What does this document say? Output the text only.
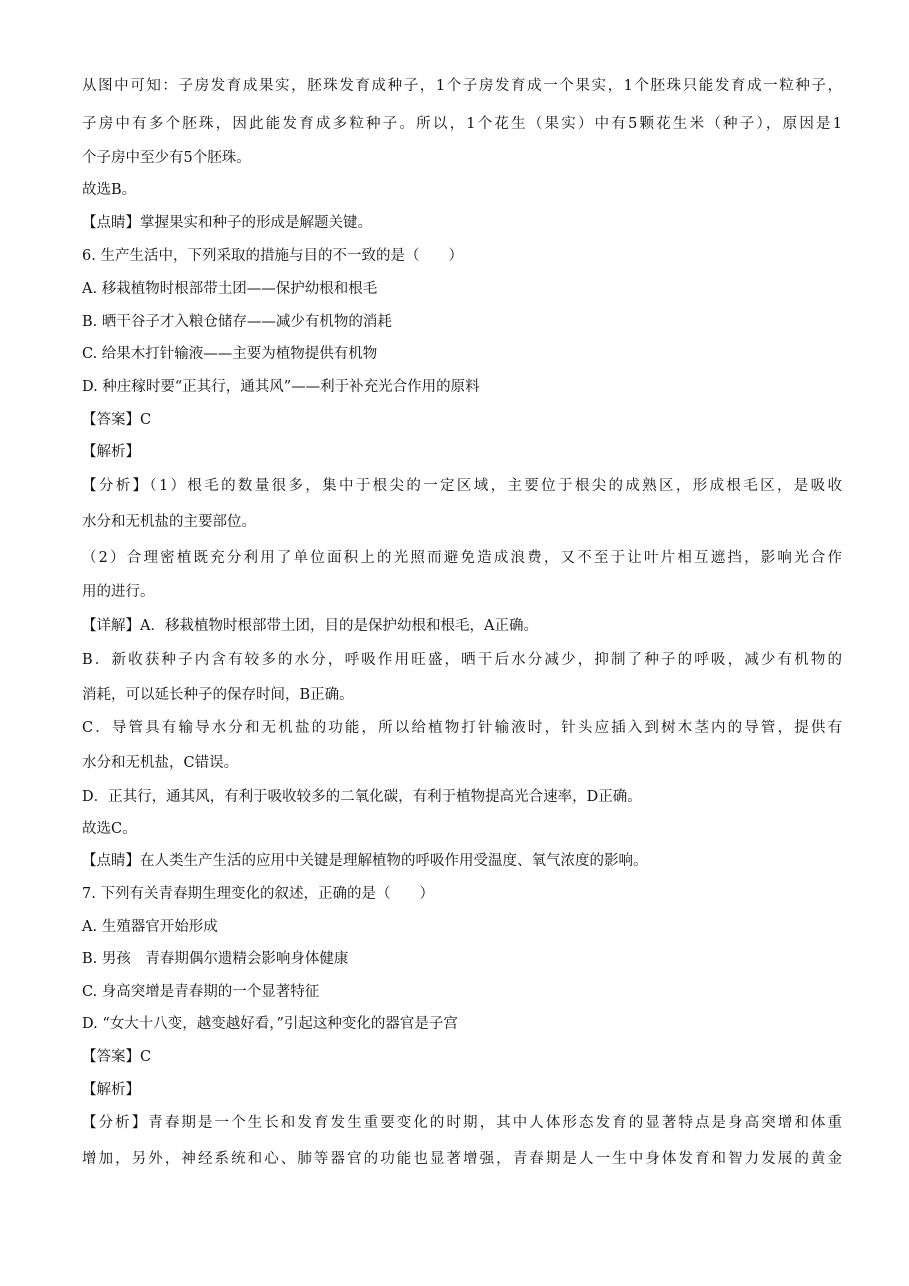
从图中可知：子房发育成果实，胚珠发育成种子，1个子房发育成一个果实，1个胚珠只能发育成一粒种子，
子房中有多个胚珠，因此能发育成多粒种子。所以，1个花生（果实）中有5颗花生米（种子），原因是1
个子房中至少有5个胚珠。
故选B。
【点睛】掌握果实和种子的形成是解题关键。
6. 生产生活中，下列采取的措施与目的不一致的是（　　）
A. 移栽植物时根部带土团——保护幼根和根毛
B. 晒干谷子才入粮仓储存——减少有机物的消耗
C. 给果木打针输液——主要为植物提供有机物
D. 种庄稼时要“正其行，通其风”——利于补充光合作用的原料
【答案】C
【解析】
【分析】（1）根毛的数量很多，集中于根尖的一定区域，主要位于根尖的成熟区，形成根毛区，是吸收
水分和无机盐的主要部位。
（2）合理密植既充分利用了单位面积上的光照而避免造成浪费，又不至于让叶片相互遮挡，影响光合作
用的进行。
【详解】A．移栽植物时根部带土团，目的是保护幼根和根毛，A正确。
B．新收获种子内含有较多的水分，呼吸作用旺盛，晒干后水分减少，抑制了种子的呼吸，减少有机物的
消耗，可以延长种子的保存时间，B正确。
C．导管具有输导水分和无机盐的功能，所以给植物打针输液时，针头应插入到树木茎内的导管，提供有
水分和无机盐，C错误。
D．正其行，通其风，有利于吸收较多的二氧化碳，有利于植物提高光合速率，D正确。
故选C。
【点睛】在人类生产生活的应用中关键是理解植物的呼吸作用受温度、氧气浓度的影响。
7. 下列有关青春期生理变化的叙述，正确的是（　　）
A. 生殖器官开始形成
B. 男孩　青春期偶尔遗精会影响身体健康
C. 身高突增是青春期的一个显著特征
D. “女大十八变，越变越好看，”引起这种变化的器官是子宫
【答案】C
【解析】
【分析】青春期是一个生长和发育发生重要变化的时期，其中人体形态发育的显著特点是身高突增和体重
增加，另外，神经系统和心、肺等器官的功能也显著增强，青春期是人一生中身体发育和智力发展的黄金
